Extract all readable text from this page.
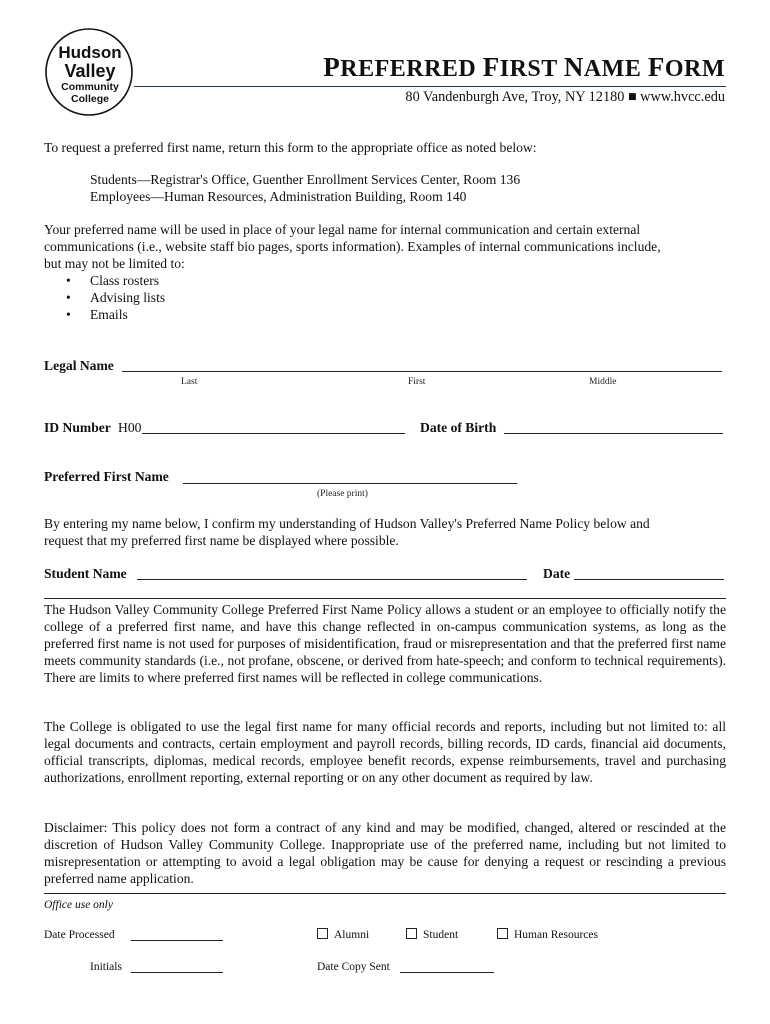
Hudson
Valley
Community
College
PREFERRED FIRST NAME FORM
80 Vandenburgh Ave, Troy, NY 12180 ■ www.hvcc.edu
To request a preferred first name, return this form to the appropriate office as noted below:
Students—Registrar's Office, Guenther Enrollment Services Center, Room 136
Employees—Human Resources, Administration Building, Room 140
Your preferred name will be used in place of your legal name for internal communication and certain external
communications (i.e., website staff bio pages, sports information). Examples of internal communications include,
but may not be limited to:
• Class rosters
• Advising lists
• Emails
Legal Name
Last	First	Middle
ID Number H00	Date of Birth
Preferred First Name
(Please print)
By entering my name below, I confirm my understanding of Hudson Valley's Preferred Name Policy below and
request that my preferred first name be displayed where possible.
Student Name	Date
The Hudson Valley Community College Preferred First Name Policy allows a student or an employee to officially notify the college of a preferred first name, and have this change reflected in on-campus communication systems, as long as the preferred first name is not used for purposes of misidentification, fraud or misrepresentation and that the preferred first name meets community standards (i.e., not profane, obscene, or derived from hate-speech; and conform to technical requirements). There are limits to where preferred first names will be reflected in college communications.
The College is obligated to use the legal first name for many official records and reports, including but not limited to: all legal documents and contracts, certain employment and payroll records, billing records, ID cards, financial aid documents, official transcripts, diplomas, medical records, employee benefit records, expense reimbursements, travel and purchasing authorizations, enrollment reporting, external reporting or on any other document as required by law.
Disclaimer: This policy does not form a contract of any kind and may be modified, changed, altered or rescinded at the discretion of Hudson Valley Community College. Inappropriate use of the preferred name, including but not limited to misrepresentation or attempting to avoid a legal obligation may be cause for denying a request or rescinding a previous preferred name application.
Office use only
Date Processed	Alumni	Student	Human Resources
Initials	Date Copy Sent
